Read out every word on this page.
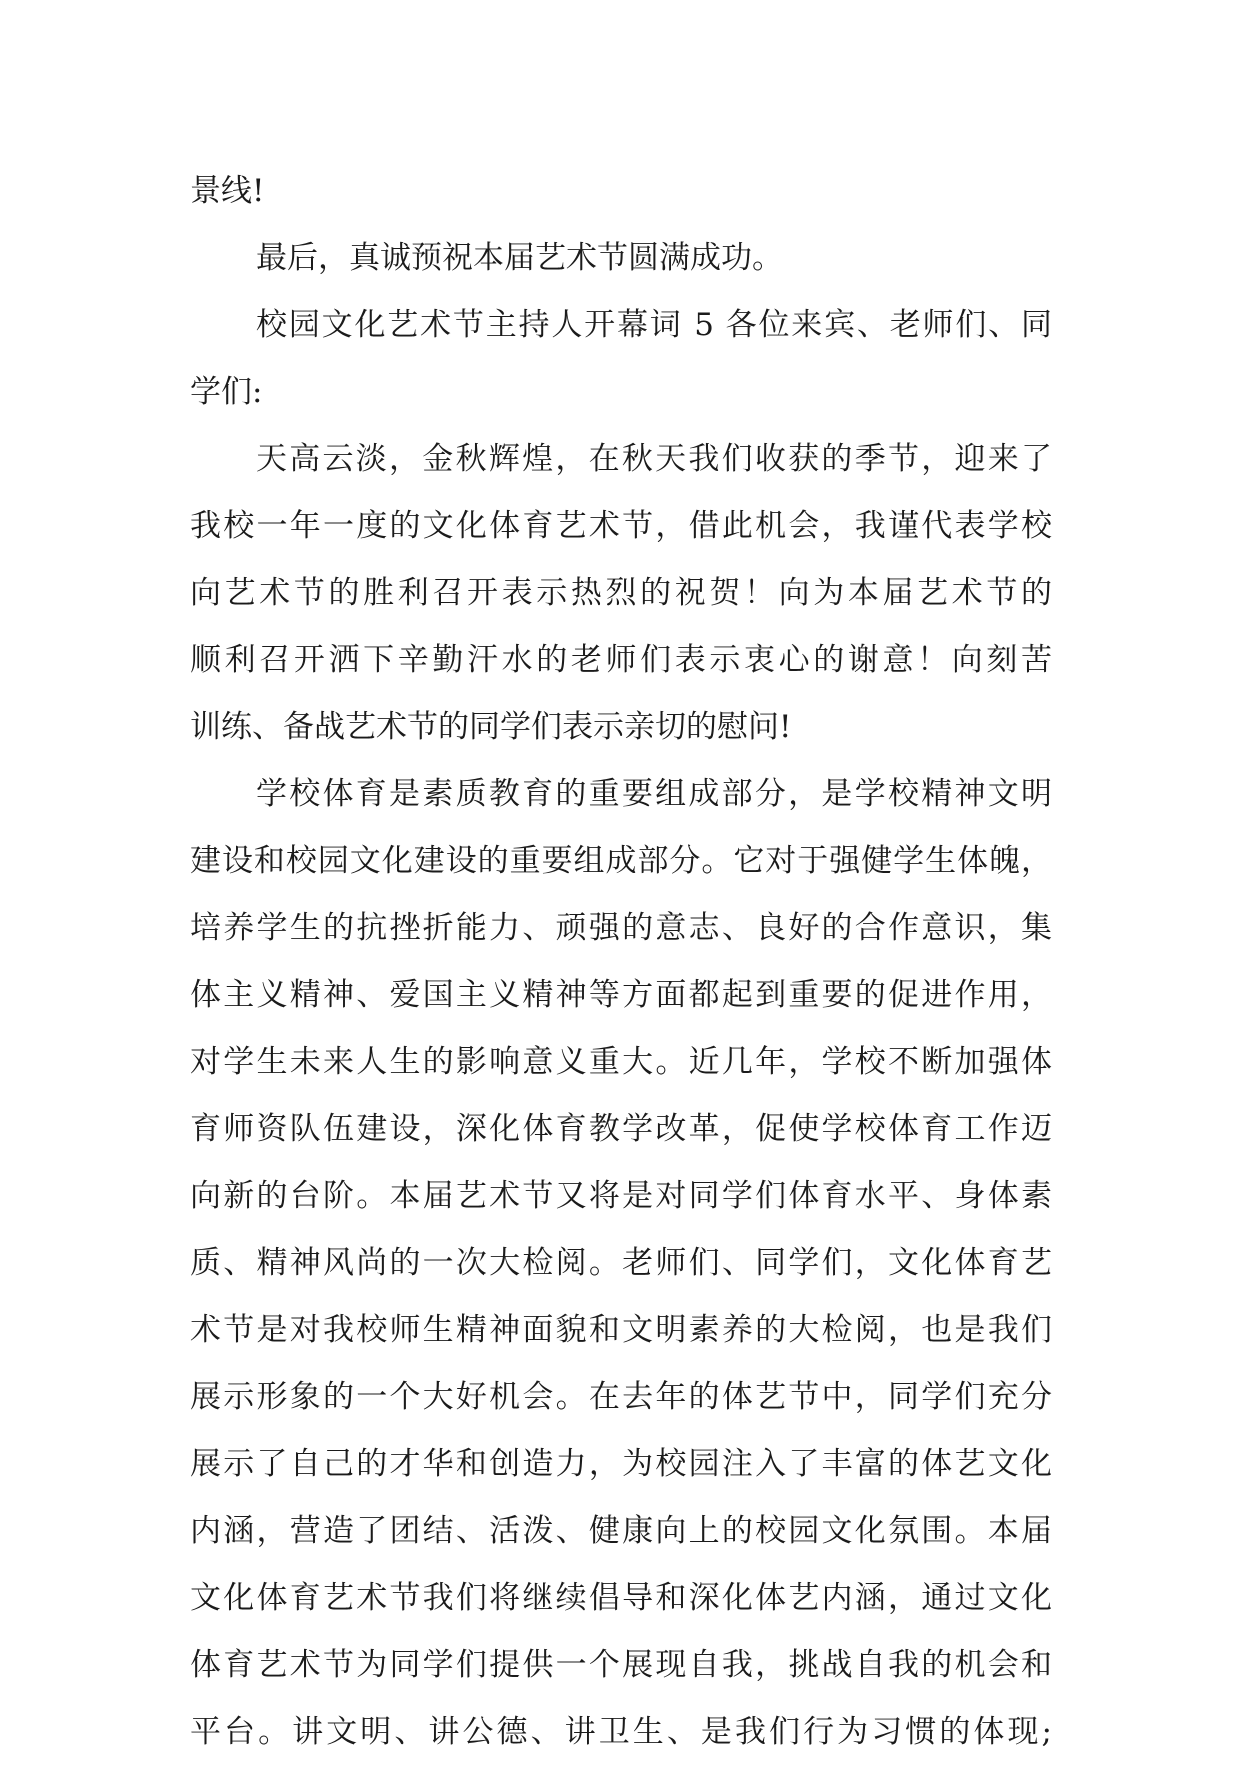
景线!
最后，真诚预祝本届艺术节圆满成功。
校园文化艺术节主持人开幕词 5 各位来宾、老师们、同
学们:
天高云淡，金秋辉煌，在秋天我们收获的季节，迎来了
我校一年一度的文化体育艺术节，借此机会，我谨代表学校
向艺术节的胜利召开表示热烈的祝贺！向为本届艺术节的
顺利召开洒下辛勤汗水的老师们表示衷心的谢意！向刻苦
训练、备战艺术节的同学们表示亲切的慰问!
学校体育是素质教育的重要组成部分，是学校精神文明
建设和校园文化建设的重要组成部分。它对于强健学生体魄，
培养学生的抗挫折能力、顽强的意志、良好的合作意识，集
体主义精神、爱国主义精神等方面都起到重要的促进作用，
对学生未来人生的影响意义重大。近几年，学校不断加强体
育师资队伍建设，深化体育教学改革，促使学校体育工作迈
向新的台阶。本届艺术节又将是对同学们体育水平、身体素
质、精神风尚的一次大检阅。老师们、同学们，文化体育艺
术节是对我校师生精神面貌和文明素养的大检阅，也是我们
展示形象的一个大好机会。在去年的体艺节中，同学们充分
展示了自己的才华和创造力，为校园注入了丰富的体艺文化
内涵，营造了团结、活泼、健康向上的校园文化氛围。本届
文化体育艺术节我们将继续倡导和深化体艺内涵，通过文化
体育艺术节为同学们提供一个展现自我，挑战自我的机会和
平台。讲文明、讲公德、讲卫生、是我们行为习惯的体现;
